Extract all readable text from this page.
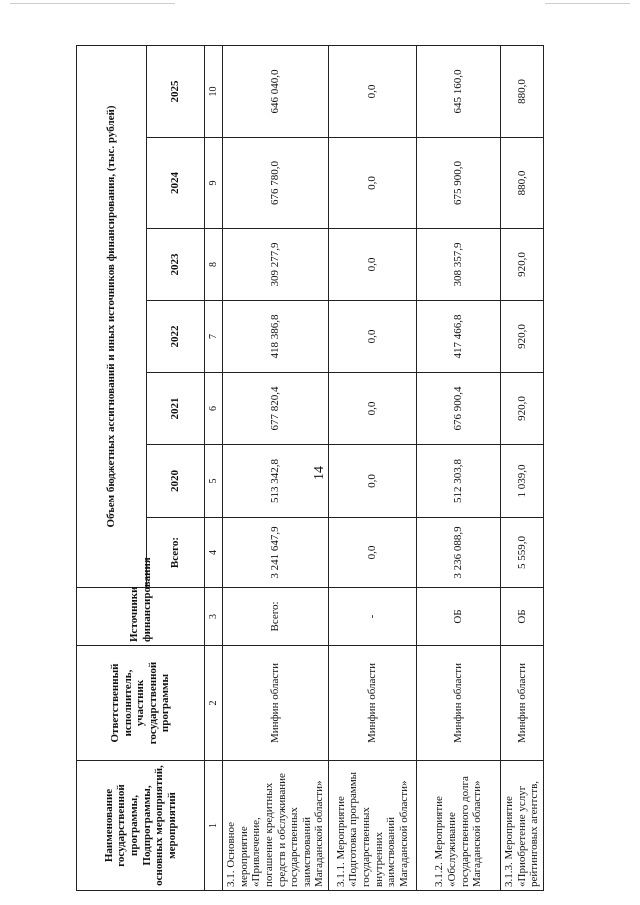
14
Наименование государственной программы, Подпрограммы, основных мероприятий, мероприятий	Ответственный исполнитель, участник государственной программы	Источники финансирования	Объем бюджетных ассигнований и иных источников финансирования, (тыс. рублей)						
			Всего:	2020	2021	2022	2023	2024	2025
1	2	3	4	5	6	7	8	9	10
3.1. Основное мероприятие «Привлечение, погашение кредитных средств и обслуживание государственных заимствований Магаданской области»	Минфин области	Всего:	3 241 647,9	513 342,8	677 820,4	418 386,8	309 277,9	676 780,0	646 040,0
3.1.1. Мероприятие «Подготовка программы государственных внутренних заимствований Магаданской области»	Минфин области	-	0,0	0,0	0,0	0,0	0,0	0,0	0,0
3.1.2. Мероприятие «Обслуживание государственного долга Магаданской области»	Минфин области	ОБ	3 236 088,9	512 303,8	676 900,4	417 466,8	308 357,9	675 900,0	645 160,0
3.1.3. Мероприятие «Приобретение услуг рейтинговых агентств,	Минфин области	ОБ	5 559,0	1 039,0	920,0	920,0	920,0	880,0	880,0
